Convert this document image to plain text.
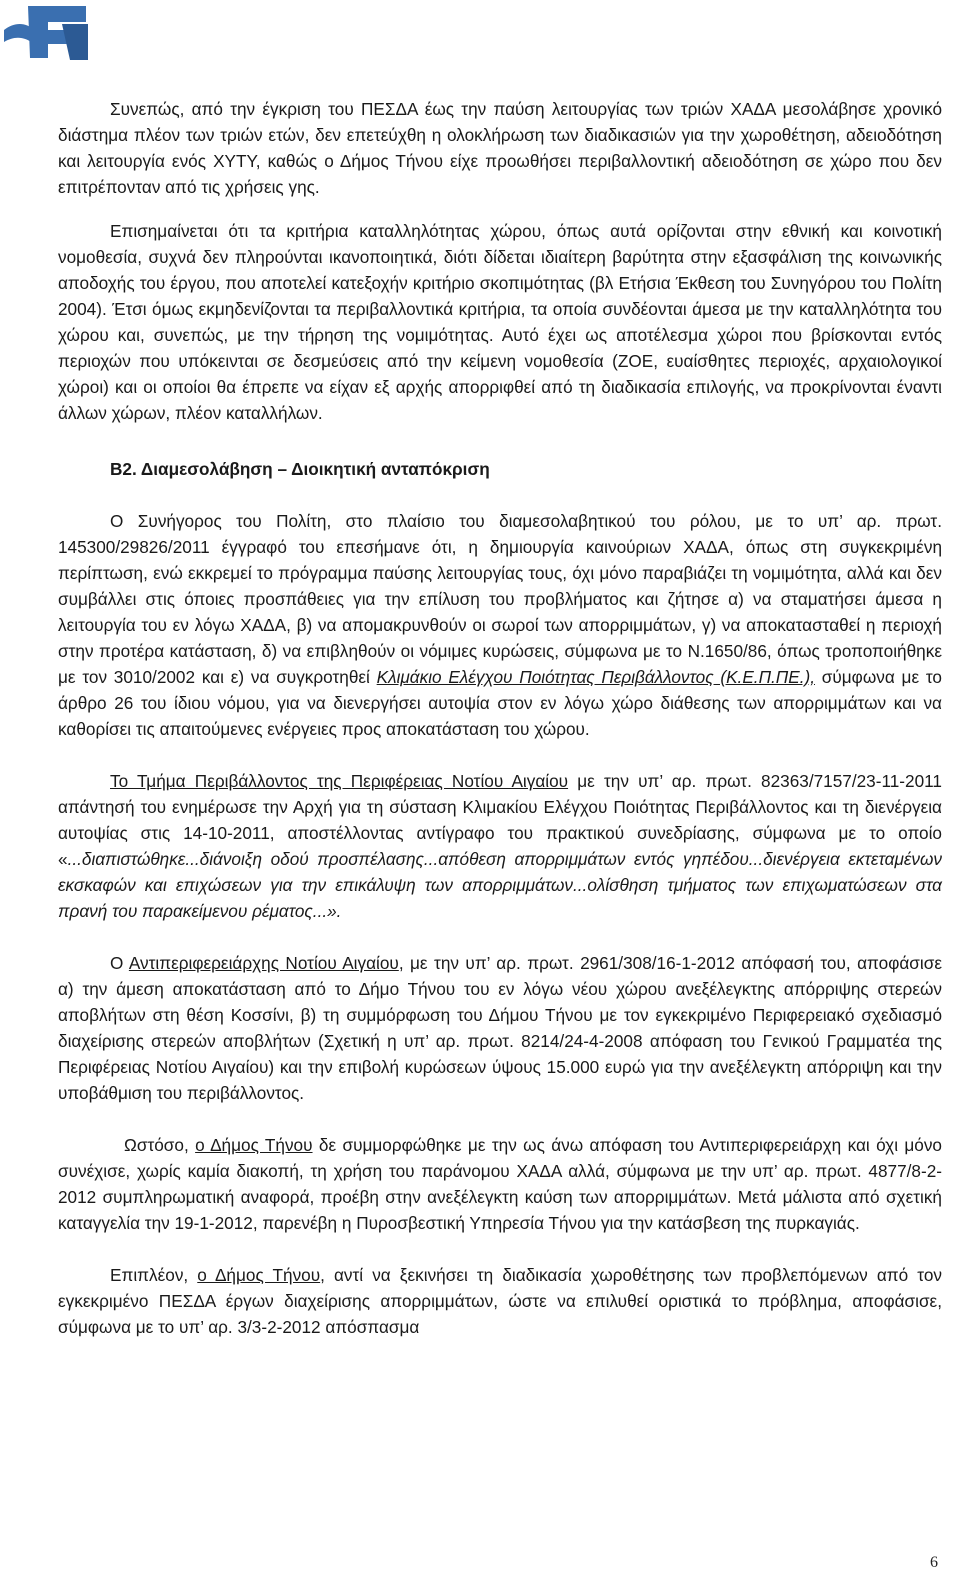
Συνεπώς, από την έγκριση του ΠΕΣΔΑ έως την παύση λειτουργίας των τριών ΧΑΔΑ μεσολάβησε χρονικό διάστημα πλέον των τριών ετών, δεν επετεύχθη η ολοκλήρωση των διαδικασιών για την χωροθέτηση, αδειοδότηση και λειτουργία ενός ΧΥΤΥ, καθώς ο Δήμος Τήνου είχε προωθήσει περιβαλλοντική αδειοδότηση σε χώρο που δεν επιτρέπονταν από τις χρήσεις γης.

Επισημαίνεται ότι τα κριτήρια καταλληλότητας χώρου, όπως αυτά ορίζονται στην εθνική και κοινοτική νομοθεσία, συχνά δεν πληρούνται ικανοποιητικά, διότι δίδεται ιδιαίτερη βαρύτητα στην εξασφάλιση της κοινωνικής αποδοχής του έργου, που αποτελεί κατεξοχήν κριτήριο σκοπιμότητας (βλ Ετήσια Έκθεση του Συνηγόρου του Πολίτη 2004). Έτσι όμως εκμηδενίζονται τα περιβαλλοντικά κριτήρια, τα οποία συνδέονται άμεσα με την καταλληλότητα του χώρου και, συνεπώς, με την τήρηση της νομιμότητας. Αυτό έχει ως αποτέλεσμα χώροι που βρίσκονται εντός περιοχών που υπόκεινται σε δεσμεύσεις από την κείμενη νομοθεσία (ΖΟΕ, ευαίσθητες περιοχές, αρχαιολογικοί χώροι) και οι οποίοι θα έπρεπε να είχαν εξ αρχής απορριφθεί από τη διαδικασία επιλογής, να προκρίνονται έναντι άλλων χώρων, πλέον καταλλήλων.

Β2. Διαμεσολάβηση – Διοικητική ανταπόκριση

Ο Συνήγορος του Πολίτη, στο πλαίσιο του διαμεσολαβητικού του ρόλου, με το υπ’ αρ. πρωτ. 145300/29826/2011 έγγραφό του επεσήμανε ότι, η δημιουργία καινούριων ΧΑΔΑ, όπως στη συγκεκριμένη περίπτωση, ενώ εκκρεμεί το πρόγραμμα παύσης λειτουργίας τους, όχι μόνο παραβιάζει τη νομιμότητα, αλλά και δεν συμβάλλει στις όποιες προσπάθειες για την επίλυση του προβλήματος και ζήτησε α) να σταματήσει άμεσα η λειτουργία του εν λόγω ΧΑΔΑ, β) να απομακρυνθούν οι σωροί των απορριμμάτων, γ) να αποκατασταθεί η περιοχή στην προτέρα κατάσταση, δ) να επιβληθούν οι νόμιμες κυρώσεις, σύμφωνα με το Ν.1650/86, όπως τροποποιήθηκε με τον 3010/2002 και ε) να συγκροτηθεί Κλιμάκιο Ελέγχου Ποιότητας Περιβάλλοντος (Κ.Ε.Π.ΠΕ.), σύμφωνα με το άρθρο 26 του ίδιου νόμου, για να διενεργήσει αυτοψία στον εν λόγω χώρο διάθεσης των απορριμμάτων και να καθορίσει τις απαιτούμενες ενέργειες προς αποκατάσταση του χώρου.

Το Τμήμα Περιβάλλοντος της Περιφέρειας Νοτίου Αιγαίου με την υπ’ αρ. πρωτ. 82363/7157/23-11-2011 απάντησή του ενημέρωσε την Αρχή για τη σύσταση Κλιμακίου Ελέγχου Ποιότητας Περιβάλλοντος και τη διενέργεια αυτοψίας στις 14-10-2011, αποστέλλοντας αντίγραφο του πρακτικού συνεδρίασης, σύμφωνα με το οποίο «...διαπιστώθηκε...διάνοιξη οδού προσπέλασης...απόθεση απορριμμάτων εντός γηπέδου...διενέργεια εκτεταμένων εκσκαφών και επιχώσεων για την επικάλυψη των απορριμμάτων...ολίσθηση τμήματος των επιχωματώσεων στα πρανή του παρακείμενου ρέματος...».

Ο Αντιπεριφερειάρχης Νοτίου Αιγαίου, με την υπ’ αρ. πρωτ. 2961/308/16-1-2012 απόφασή του, αποφάσισε α) την άμεση αποκατάσταση από το Δήμο Τήνου του εν λόγω νέου χώρου ανεξέλεγκτης απόρριψης στερεών αποβλήτων στη θέση Κοσσίνι, β) τη συμμόρφωση του Δήμου Τήνου με τον εγκεκριμένο Περιφερειακό σχεδιασμό διαχείρισης στερεών αποβλήτων (Σχετική η υπ’ αρ. πρωτ. 8214/24-4-2008 απόφαση του Γενικού Γραμματέα της Περιφέρειας Νοτίου Αιγαίου) και την επιβολή κυρώσεων ύψους 15.000 ευρώ για την ανεξέλεγκτη απόρριψη και την υποβάθμιση του περιβάλλοντος.

Ωστόσο, ο Δήμος Τήνου δε συμμορφώθηκε με την ως άνω απόφαση του Αντιπεριφερειάρχη και όχι μόνο συνέχισε, χωρίς καμία διακοπή, τη χρήση του παράνομου ΧΑΔΑ αλλά, σύμφωνα με την υπ’ αρ. πρωτ. 4877/8-2-2012 συμπληρωματική αναφορά, προέβη στην ανεξέλεγκτη καύση των απορριμμάτων. Μετά μάλιστα από σχετική καταγγελία την 19-1-2012, παρενέβη η Πυροσβεστική Υπηρεσία Τήνου για την κατάσβεση της πυρκαγιάς.

Επιπλέον, ο Δήμος Τήνου, αντί να ξεκινήσει τη διαδικασία χωροθέτησης των προβλεπόμενων από τον εγκεκριμένο ΠΕΣΔΑ έργων διαχείρισης απορριμμάτων, ώστε να επιλυθεί οριστικά το πρόβλημα, αποφάσισε, σύμφωνα με το υπ’ αρ. 3/3-2-2012 απόσπασμα

6
